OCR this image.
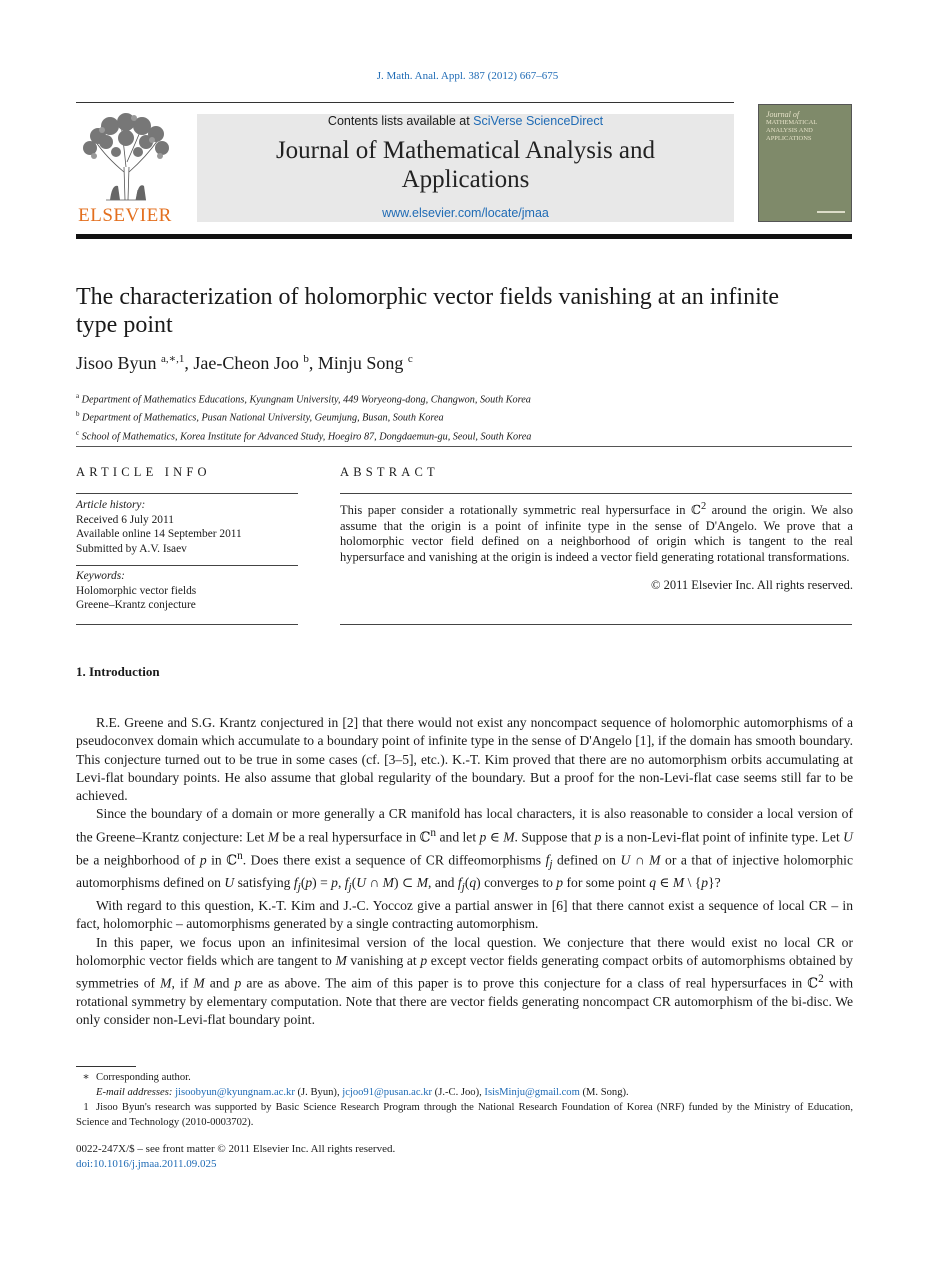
J. Math. Anal. Appl. 387 (2012) 667–675
ELSEVIER
Contents lists available at SciVerse ScienceDirect
Journal of Mathematical Analysis and
Applications
www.elsevier.com/locate/jmaa
Journal of
MATHEMATICAL
ANALYSIS AND
APPLICATIONS
The characterization of holomorphic vector fields vanishing at an infinite
type point
Jisoo Byun $^{a,∗,1}$, Jae-Cheon Joo $^b$, Minju Song $^c$
$^a$ Department of Mathematics Educations, Kyungnam University, 449 Woryeong-dong, Changwon, South Korea
$^b$ Department of Mathematics, Pusan National University, Geumjung, Busan, South Korea
$^c$ School of Mathematics, Korea Institute for Advanced Study, Hoegiro 87, Dongdaemun-gu, Seoul, South Korea
ARTICLE INFO	ABSTRACT
Article history:
Received 6 July 2011
Available online 14 September 2011
Submitted by A.V. Isaev
Keywords:
Holomorphic vector fields
Greene–Krantz conjecture
This paper consider a rotationally symmetric real hypersurface in ℂ$^2$ around the origin. We also assume that the origin is a point of infinite type in the sense of D'Angelo. We prove that a holomorphic vector field defined on a neighborhood of origin which is tangent to the real hypersurface and vanishing at the origin is indeed a vector field generating rotational transformations.
© 2011 Elsevier Inc. All rights reserved.
1. Introduction

R.E. Greene and S.G. Krantz conjectured in [2] that there would not exist any noncompact sequence of holomorphic automorphisms of a pseudoconvex domain which accumulate to a boundary point of infinite type in the sense of D'Angelo [1], if the domain has smooth boundary. This conjecture turned out to be true in some cases (cf. [3–5], etc.). K.-T. Kim proved that there are no automorphism orbits accumulating at Levi-flat boundary points. He also assume that global regularity of the boundary. But a proof for the non-Levi-flat case seems still far to be achieved.

Since the boundary of a domain or more generally a CR manifold has local characters, it is also reasonable to consider a local version of the Greene–Krantz conjecture: Let M be a real hypersurface in ℂ$^n$ and let p ∈ M. Suppose that p is a non-Levi-flat point of infinite type. Let U be a neighborhood of p in ℂ$^n$. Does there exist a sequence of CR diffeomorphisms $f_j$ defined on U ∩ M or a that of injective holomorphic automorphisms defined on U satisfying $f_j(p) = p$, $f_j(U$ ∩ M) ⊂ M, and $f_j(q)$ converges to p for some point q ∈ M \ {p}?

With regard to this question, K.-T. Kim and J.-C. Yoccoz give a partial answer in [6] that there cannot exist a sequence of local CR – in fact, holomorphic – automorphisms generated by a single contracting automorphism.

In this paper, we focus upon an infinitesimal version of the local question. We conjecture that there would exist no local CR or holomorphic vector fields which are tangent to M vanishing at p except vector fields generating compact orbits of automorphisms obtained by symmetries of M, if M and p are as above. The aim of this paper is to prove this conjecture for a class of real hypersurfaces in ℂ$^2$ with rotational symmetry by elementary computation. Note that there are vector fields generating noncompact CR automorphism of the bi-disc. We only consider non-Levi-flat boundary point.

∗ Corresponding author.
E-mail addresses: jisoobyun@kyungnam.ac.kr (J. Byun), jcjoo91@pusan.ac.kr (J.-C. Joo), IsisMinju@gmail.com (M. Song).
1 Jisoo Byun's research was supported by Basic Science Research Program through the National Research Foundation of Korea (NRF) funded by the Ministry of Education, Science and Technology (2010-0003702).
0022-247X/$ – see front matter © 2011 Elsevier Inc. All rights reserved.
doi:10.1016/j.jmaa.2011.09.025
